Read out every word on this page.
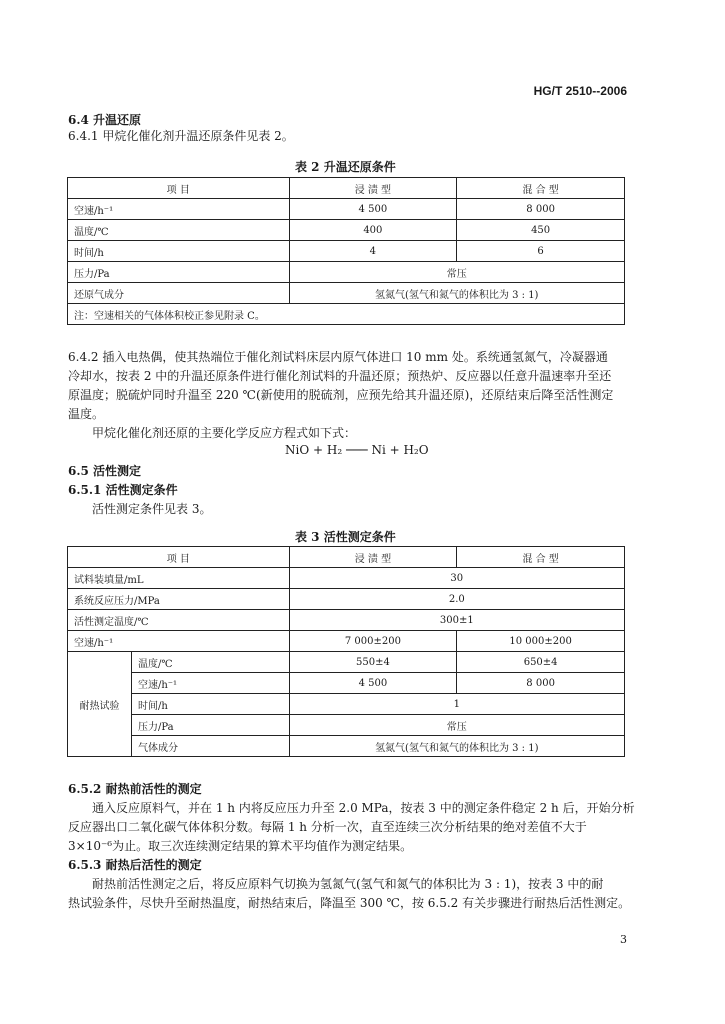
HG/T 2510--2006
6.4 升温还原
6.4.1 甲烷化催化剂升温还原条件见表 2。
表 2 升温还原条件
项 目	浸 渍 型	混 合 型
空速/h⁻¹	4 500	8 000
温度/℃	400	450
时间/h	4	6
压力/Pa	常压	
还原气成分	氢氮气(氢气和氮气的体积比为 3 : 1)	
注：空速相关的气体体积校正参见附录 C。		
6.4.2 插入电热偶，使其热端位于催化剂试料床层内原气体进口 10 mm 处。系统通氢氮气，冷凝器通
冷却水，按表 2 中的升温还原条件进行催化剂试料的升温还原；预热炉、反应器以任意升温速率升至还
原温度；脱硫炉同时升温至 220 ℃(新使用的脱硫剂，应预先给其升温还原)，还原结束后降至活性测定
温度。
甲烷化催化剂还原的主要化学反应方程式如下式：
NiO + H₂ ─── Ni + H₂O
6.5 活性测定
6.5.1 活性测定条件
活性测定条件见表 3。
表 3 活性测定条件
项 目		浸 渍 型	混 合 型
试料装填量/mL		30	
系统反应压力/MPa		2.0	
活性测定温度/℃		300±1	
空速/h⁻¹		7 000±200	10 000±200
耐热试验	温度/℃	550±4	650±4
	空速/h⁻¹	4 500	8 000
	时间/h	1	
	压力/Pa	常压	
	气体成分	氢氮气(氢气和氮气的体积比为 3 : 1)	
6.5.2 耐热前活性的测定
通入反应原料气，并在 1 h 内将反应压力升至 2.0 MPa，按表 3 中的测定条件稳定 2 h 后，开始分析
反应器出口二氧化碳气体体积分数。每隔 1 h 分析一次，直至连续三次分析结果的绝对差值不大于
3×10⁻⁶为止。取三次连续测定结果的算术平均值作为测定结果。
6.5.3 耐热后活性的测定
耐热前活性测定之后，将反应原料气切换为氢氮气(氢气和氮气的体积比为 3 : 1)，按表 3 中的耐
热试验条件，尽快升至耐热温度，耐热结束后，降温至 300 ℃，按 6.5.2 有关步骤进行耐热后活性测定。
3
